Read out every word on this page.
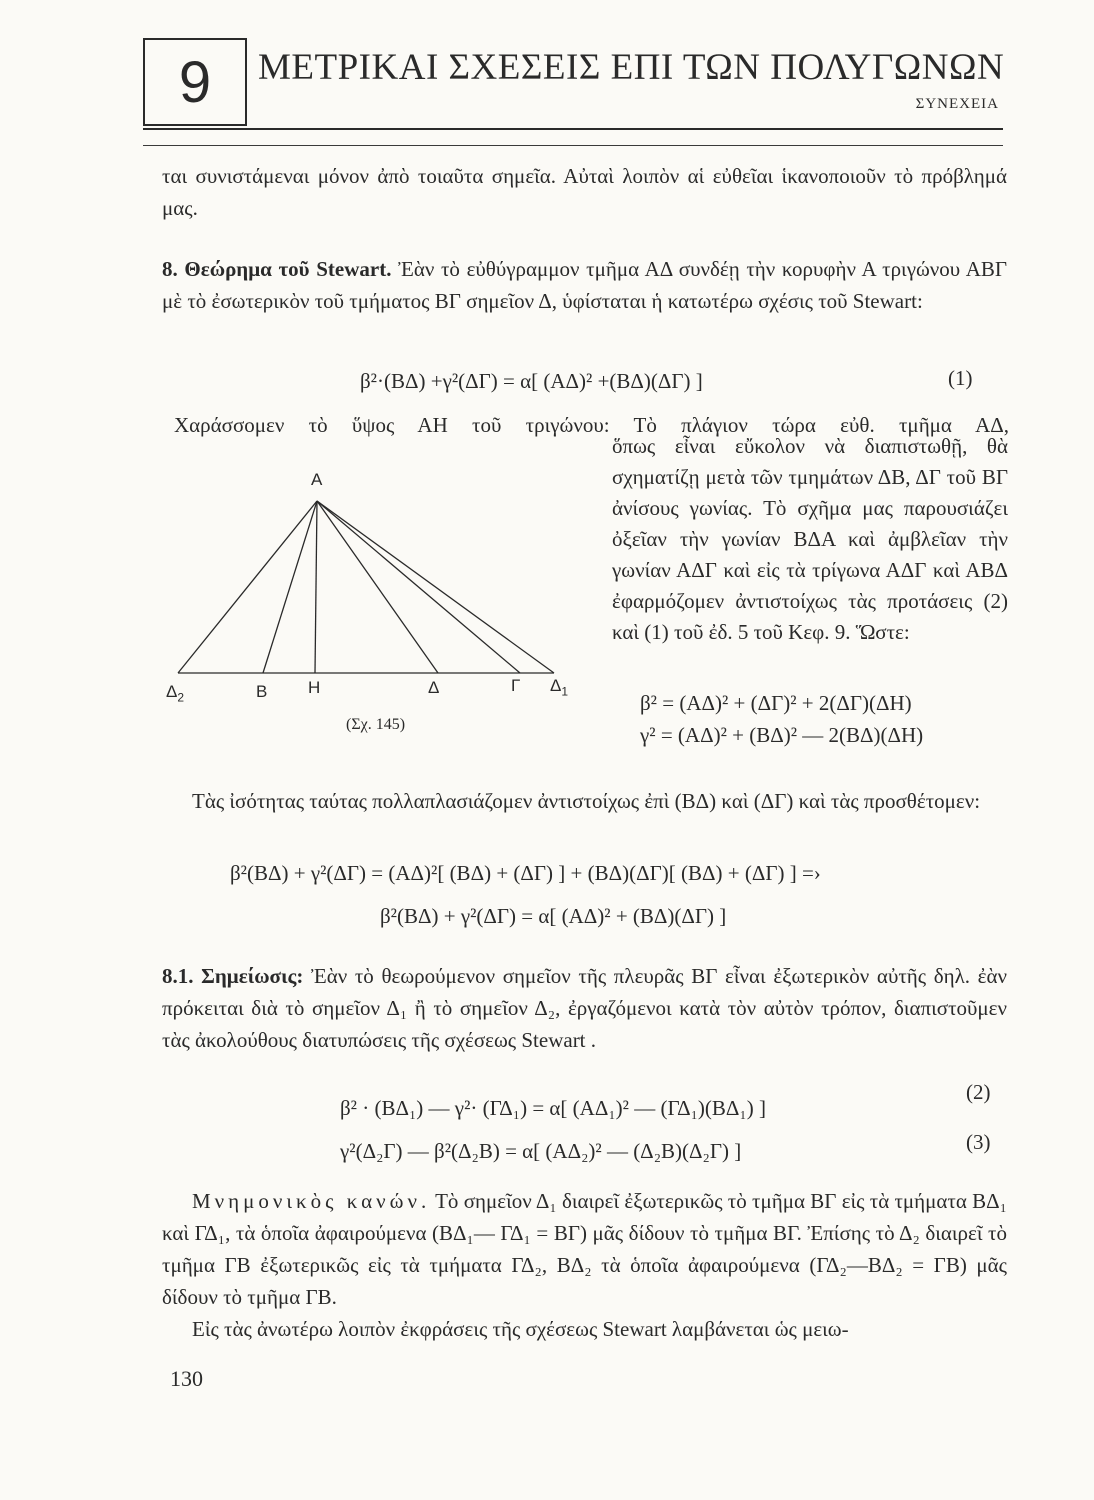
9 ΜΕΤΡΙΚΑΙ ΣΧΕΣΕΙΣ ΕΠΙ ΤΩΝ ΠΟΛΥΓΩΝΩΝ
ΣΥΝΕΧΕΙΑ

ται συνιστάμεναι μόνον ἀπὸ τοιαῦτα σημεῖα. Αὐταὶ λοιπὸν αἱ εὐθεῖαι ἱκανοποιοῦν τὸ πρόβλημά μας.

8. Θεώρημα τοῦ Stewart. Ἐὰν τὸ εὐθύγραμμον τμῆμα ΑΔ συνδέῃ τὴν κορυφὴν Α τριγώνου ΑΒΓ μὲ τὸ ἐσωτερικὸν τοῦ τμήματος ΒΓ σημεῖον Δ, ὑφίσταται ἡ κατωτέρω σχέσις τοῦ Stewart:

β²·(ΒΔ) +γ²(ΔΓ) = α[ (ΑΔ)² +(ΒΔ)(ΔΓ) ]	(1)
Χαράσσομεν τὸ ὕψος ΑΗ τοῦ τριγώνου: Τὸ πλάγιον τώρα εὐθ. τμῆμα ΑΔ,
A
$\Delta_2$	B H	Δ	Γ $\Delta_1$
(Σχ. 145)

ὅπως εἶναι εὔκολον νὰ διαπιστωθῇ, θὰ σχηματίζῃ μετὰ τῶν τμημάτων ΔΒ, ΔΓ τοῦ ΒΓ ἀνίσους γωνίας. Τὸ σχῆμα μας παρουσιάζει ὀξεῖαν τὴν γωνίαν ΒΔΑ καὶ ἀμβλεῖαν τὴν γωνίαν ΑΔΓ καὶ εἰς τὰ τρίγωνα ΑΔΓ καὶ ΑΒΔ ἐφαρμόζομεν ἀντιστοίχως τὰς προτάσεις (2) καὶ (1) τοῦ ἐδ. 5 τοῦ Κεφ. 9. Ὥστε:

β² = (ΑΔ)² + (ΔΓ)² + 2(ΔΓ)(ΔΗ)
γ² = (ΑΔ)² + (ΒΔ)² — 2(ΒΔ)(ΔΗ)

Τὰς ἰσότητας ταύτας πολλαπλασιάζομεν ἀντιστοίχως ἐπὶ (ΒΔ) καὶ (ΔΓ) καὶ τὰς προσθέτομεν:

β²(ΒΔ) + γ²(ΔΓ) = (ΑΔ)²[ (ΒΔ) + (ΔΓ) ] + (ΒΔ)(ΔΓ)[ (ΒΔ) + (ΔΓ) ] =›
β²(ΒΔ) + γ²(ΔΓ) = α[ (ΑΔ)² + (ΒΔ)(ΔΓ) ]

8.1. Σημείωσις: Ἐὰν τὸ θεωρούμενον σημεῖον τῆς πλευρᾶς ΒΓ εἶναι ἐξωτερικὸν αὐτῆς δηλ. ἐὰν πρόκειται διὰ τὸ σημεῖον Δ₁ ἢ τὸ σημεῖον Δ₂, ἐργαζόμενοι κατὰ τὸν αὐτὸν τρόπον, διαπιστοῦμεν τὰς ἀκολούθους διατυπώσεις τῆς σχέσεως Stewart .

β² · (ΒΔ₁) — γ²· (ΓΔ₁) = α[ (ΑΔ₁)² — (ΓΔ₁)(ΒΔ₁) ]
(2)
γ²(Δ₂Γ) — β²(Δ₂Β) = α[ (ΑΔ₂)² — (Δ₂Β)(Δ₂Γ) ]	(3)

Μνημονικὸς κανών. Τὸ σημεῖον Δ₁ διαιρεῖ ἐξωτερικῶς τὸ τμῆμα ΒΓ εἰς τὰ τμήματα ΒΔ₁ καὶ ΓΔ₁, τὰ ὁποῖα ἀφαιρούμενα (ΒΔ₁— ΓΔ₁ = ΒΓ) μᾶς δίδουν τὸ τμῆμα ΒΓ. Ἐπίσης τὸ Δ₂ διαιρεῖ τὸ τμῆμα ΓΒ ἐξωτερικῶς εἰς τὰ τμήματα ΓΔ₂, ΒΔ₂ τὰ ὁποῖα ἀφαιρούμενα (ΓΔ₂—ΒΔ₂ = ΓΒ) μᾶς δίδουν τὸ τμῆμα ΓΒ.

Εἰς τὰς ἀνωτέρω λοιπὸν ἐκφράσεις τῆς σχέσεως Stewart λαμβάνεται ὡς μειω-

130
